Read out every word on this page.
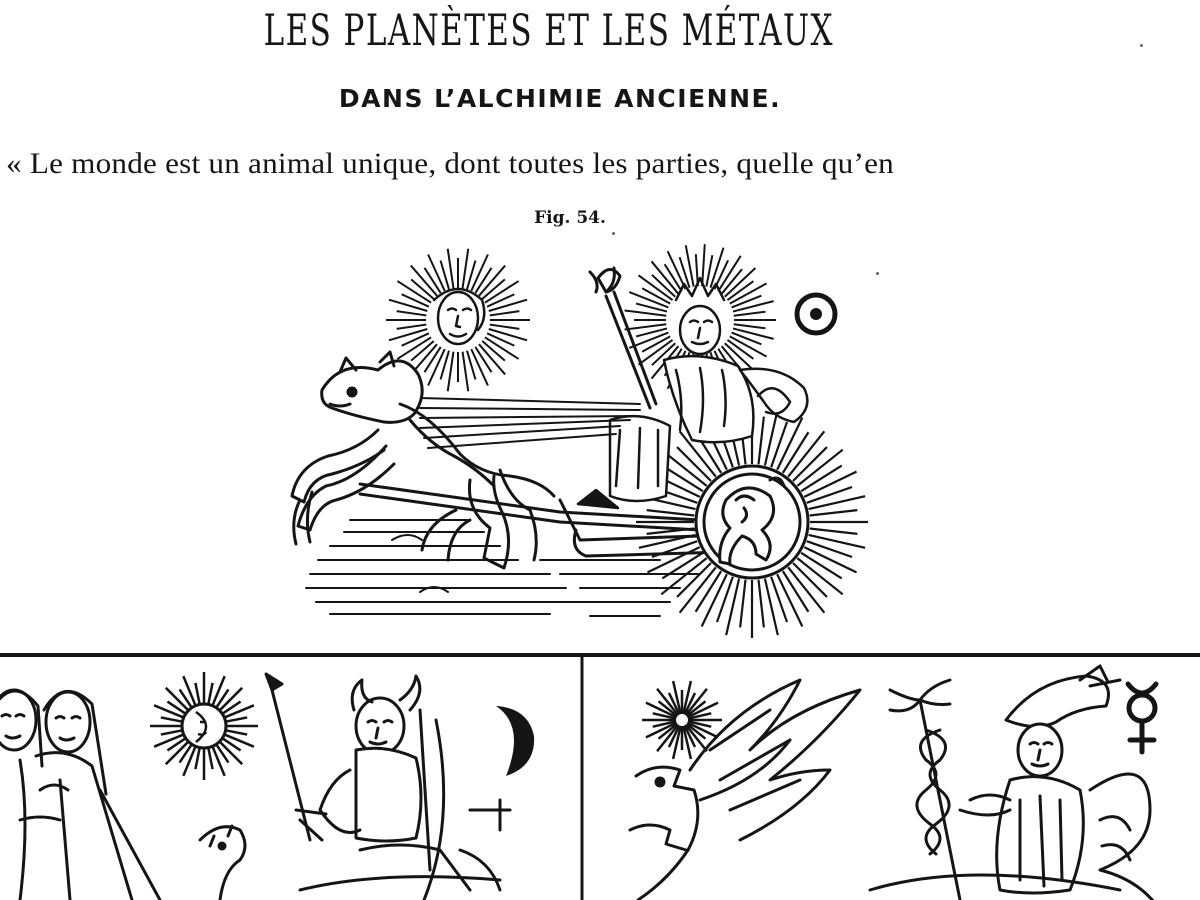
LES PLANÈTES ET LES MÉTAUX
DANS L’ALCHIMIE ANCIENNE.
« Le monde est un animal unique, dont toutes les parties, quelle qu’en
Fig. 54.
